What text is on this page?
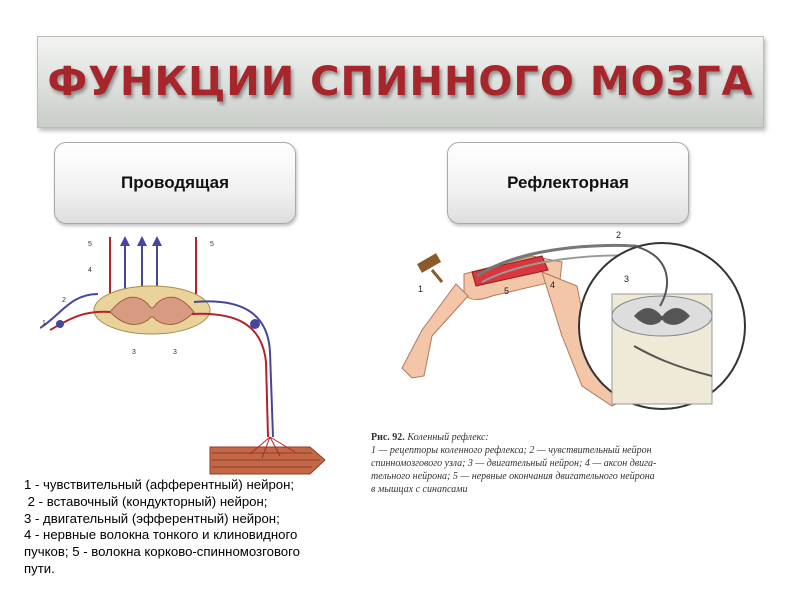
ФУНКЦИИ СПИННОГО МОЗГА
Проводящая	Рефлекторная
5
4
2
1
3	3
5
1
2
3
4
5
Рис. 92. Коленный рефлекс:
1 — рецепторы коленного рефлекса; 2 — чувствительный нейрон
спинномозгового узла; 3 — двигательный нейрон; 4 — аксон двига-
тельного нейрона; 5 — нервные окончания двигательного нейрона
в мышцах с синапсами
1 - чувствительный (афферентный) нейрон;
2 - вставочный (кондукторный) нейрон;
3 - двигательный (эфферентный) нейрон;
4 - нервные волокна тонкого и клиновидного
пучков; 5 - волокна корково-спинномозгового
пути.
